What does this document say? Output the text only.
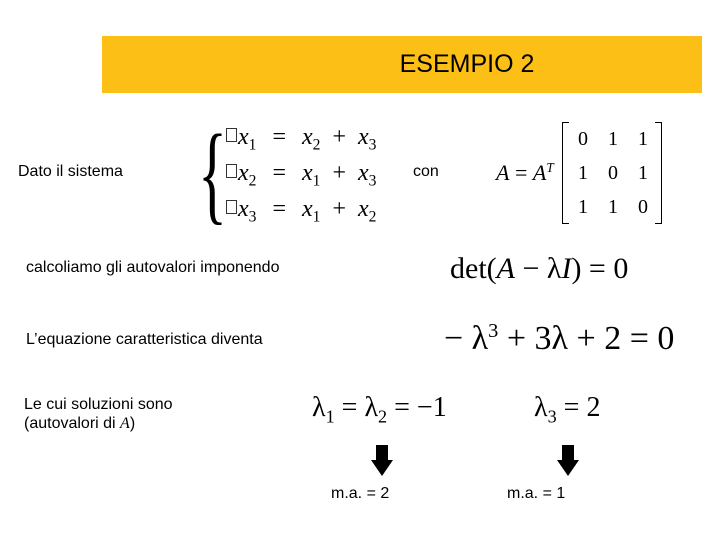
ESEMPIO 2
Dato il sistema { $x_1 = x_2 + x_3$
$x_2 = x_1 + x_3$
$x_3 = x_1 + x_2$
con	$A = A^T$
0	1	1
1	0	1
1	1	0
calcoliamo gli autovalori imponendo	det(A − λI) = 0
L’equazione caratteristica diventa	− $\lambda^3 + 3\lambda + 2 = 0$
Le cui soluzioni sono
(autovalori di A)
$\lambda_1 = \lambda_2 = -1$	$\lambda_3 = 2$
m.a. = 2	m.a. = 1
